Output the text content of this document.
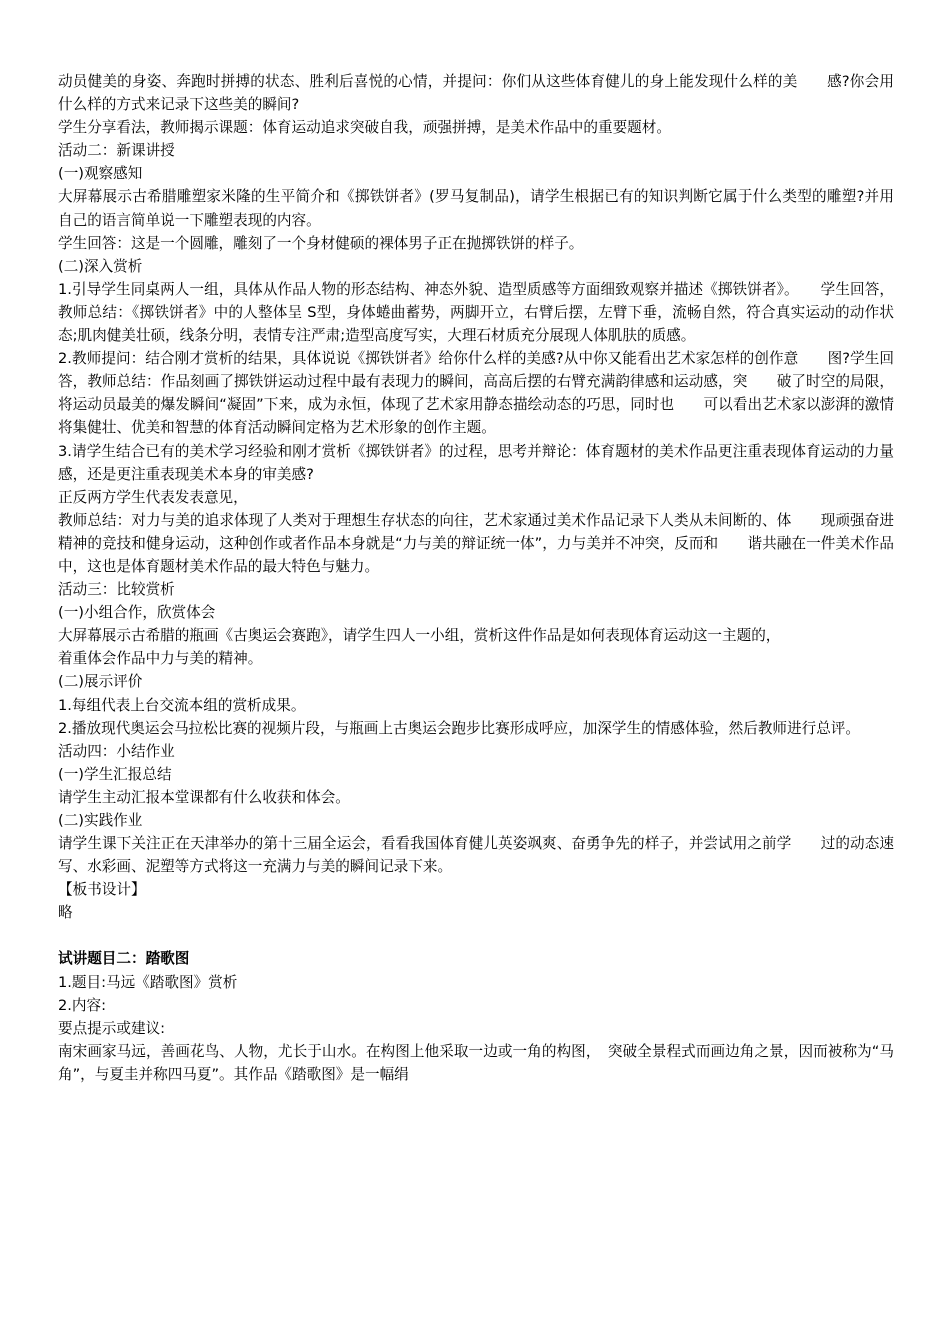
动员健美的身姿、奔跑时拼搏的状态、胜利后喜悦的心情，并提问：你们从这些体育健儿的身上能发现什么样的美　　感?你会用什么样的方式来记录下这些美的瞬间?
学生分享看法，教师揭示课题：体育运动追求突破自我，顽强拼搏，是美术作品中的重要题材。
活动二：新课讲授
(一)观察感知
大屏幕展示古希腊雕塑家米隆的生平简介和《掷铁饼者》(罗马复制品)，请学生根据已有的知识判断它属于什么类型的雕塑?并用自己的语言简单说一下雕塑表现的内容。
学生回答：这是一个圆雕，雕刻了一个身材健硕的裸体男子正在抛掷铁饼的样子。
(二)深入赏析
1.引导学生同桌两人一组，具体从作品人物的形态结构、神态外貌、造型质感等方面细致观察并描述《掷铁饼者》。　　学生回答，教师总结：《掷铁饼者》中的人整体呈 S型，身体蜷曲蓄势，两脚开立，右臂后摆，左臂下垂，流畅自然，符合真实运动的动作状态;肌肉健美壮硕，线条分明，表情专注严肃;造型高度写实，大理石材质充分展现人体肌肤的质感。
2.教师提问：结合刚才赏析的结果，具体说说《掷铁饼者》给你什么样的美感?从中你又能看出艺术家怎样的创作意　　图?学生回答，教师总结：作品刻画了掷铁饼运动过程中最有表现力的瞬间，高高后摆的右臂充满韵律感和运动感，突　　破了时空的局限，将运动员最美的爆发瞬间“凝固”下来，成为永恒，体现了艺术家用静态描绘动态的巧思，同时也　　可以看出艺术家以澎湃的激情将集健壮、优美和智慧的体育活动瞬间定格为艺术形象的创作主题。
3.请学生结合已有的美术学习经验和刚才赏析《掷铁饼者》的过程，思考并辩论：体育题材的美术作品更注重表现体育运动的力量感，还是更注重表现美术本身的审美感?
正反两方学生代表发表意见，
教师总结：对力与美的追求体现了人类对于理想生存状态的向往，艺术家通过美术作品记录下人类从未间断的、体　　现顽强奋进精神的竞技和健身运动，这种创作或者作品本身就是“力与美的辩证统一体”，力与美并不冲突，反而和　　谐共融在一件美术作品中，这也是体育题材美术作品的最大特色与魅力。
活动三：比较赏析
(一)小组合作，欣赏体会
大屏幕展示古希腊的瓶画《古奥运会赛跑》，请学生四人一小组，赏析这件作品是如何表现体育运动这一主题的，
着重体会作品中力与美的精神。
(二)展示评价
1.每组代表上台交流本组的赏析成果。
2.播放现代奥运会马拉松比赛的视频片段，与瓶画上古奥运会跑步比赛形成呼应，加深学生的情感体验，然后教师进行总评。
活动四：小结作业
(一)学生汇报总结
请学生主动汇报本堂课都有什么收获和体会。
(二)实践作业
请学生课下关注正在天津举办的第十三届全运会，看看我国体育健儿英姿飒爽、奋勇争先的样子，并尝试用之前学　　过的动态速写、水彩画、泥塑等方式将这一充满力与美的瞬间记录下来。
【板书设计】
略
试讲题目二：踏歌图
1.题目:马远《踏歌图》赏析
2.内容:
要点提示或建议:
南宋画家马远，善画花鸟、人物，尤长于山水。在构图上他采取一边或一角的构图，　突破全景程式而画边角之景，因而被称为“马角”，与夏圭并称四马夏”。其作品《踏歌图》是一幅绢
